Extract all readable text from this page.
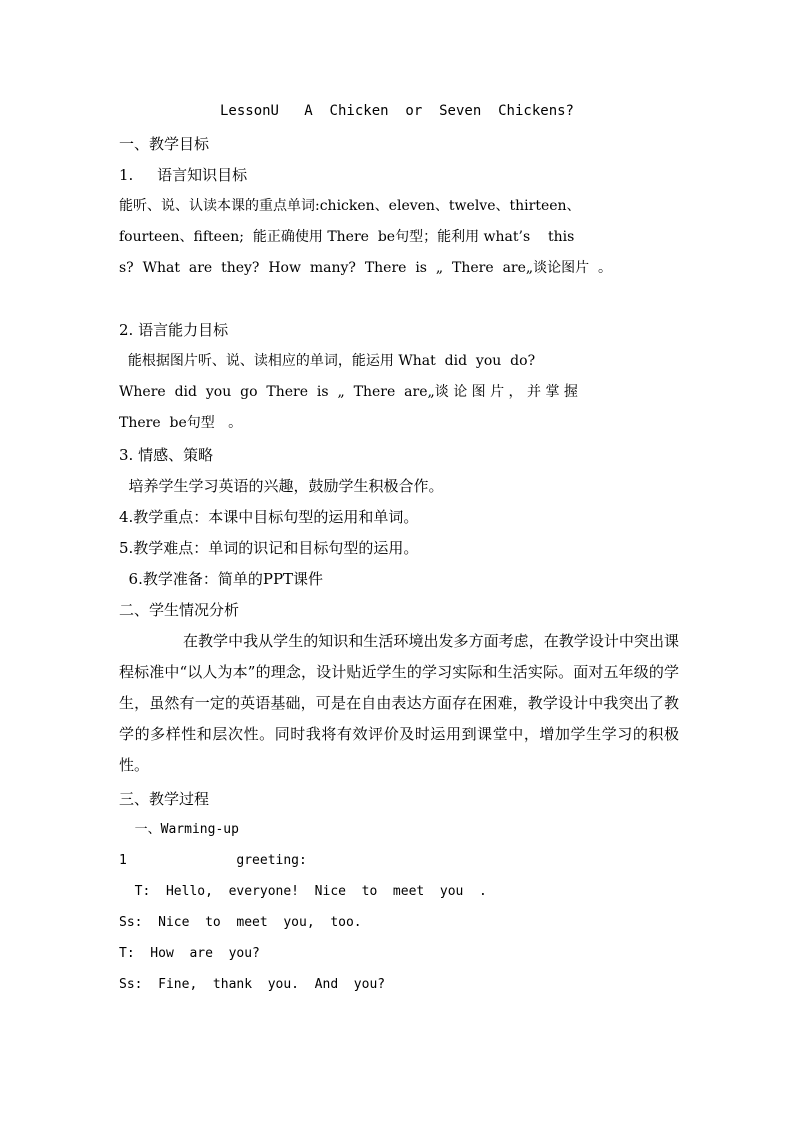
LessonU   A  Chicken  or  Seven  Chickens?
一、教学目标
1.     语言知识目标
能听、说、认读本课的重点单词:chicken、eleven、twelve、thirteen、
fourteen、fifteen;  能正确使用 There  be句型；能利用 what’s    this
s?  What  are  they?  How  many?  There  is  „  There  are„谈论图片  。
2. 语言能力目标
能根据图片听、说、读相应的单词，能运用 What  did  you  do?
Where  did  you  go  There  is  „  There  are„谈 论 图 片 ， 并 掌 握
There  be句型   。
3. 情感、策略
培养学生学习英语的兴趣，鼓励学生积极合作。
4.教学重点：本课中目标句型的运用和单词。
5.教学难点：单词的识记和目标句型的运用。
6.教学准备：简单的PPT课件
二、学生情况分析
在教学中我从学生的知识和生活环境出发多方面考虑，在教学设计中突出课程标准中“以人为本”的理念，设计贴近学生的学习实际和生活实际。面对五年级的学生，虽然有一定的英语基础，可是在自由表达方面存在困难，教学设计中我突出了教学的多样性和层次性。同时我将有效评价及时运用到课堂中，增加学生学习的积极性。
三、教学过程
一、Warming-up
1              greeting:
T:  Hello,  everyone!  Nice  to  meet  you  .
Ss:  Nice  to  meet  you,  too.
T:  How  are  you?
Ss:  Fine,  thank  you.  And  you?
